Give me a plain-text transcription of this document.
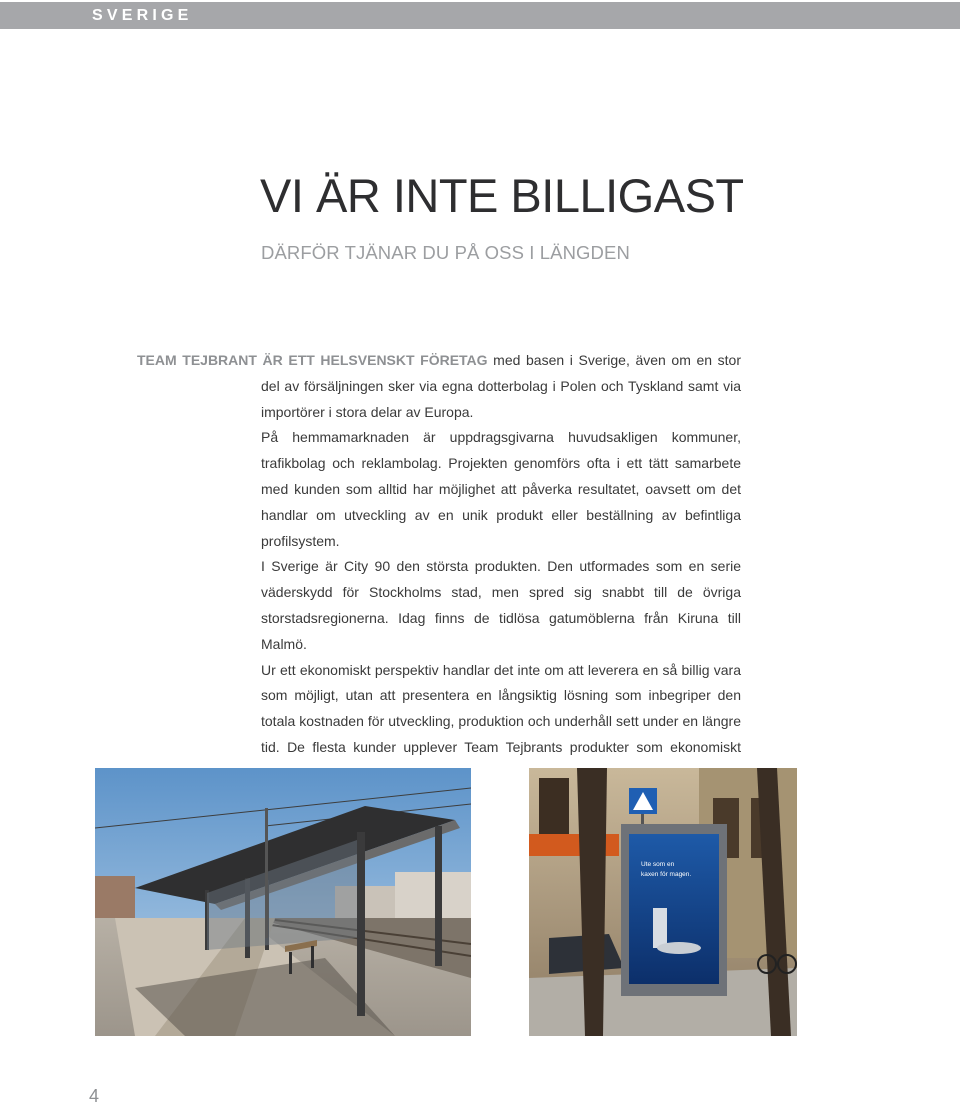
SVERIGE
VI ÄR INTE BILLIGAST
DÄRFÖR TJÄNAR DU PÅ OSS I LÄNGDEN

TEAM TEJBRANT ÄR ETT HELSVENSKT FÖRETAG med basen i Sverige, även om en stor del av försäljningen sker via egna dotterbolag i Polen och Tyskland samt via importörer i stora delar av Europa.

På hemmamarknaden är uppdragsgivarna huvudsakligen kommuner, trafikbolag och reklambolag. Projekten genomförs ofta i ett tätt samarbete med kunden som alltid har möjlighet att påverka resultatet, oavsett om det handlar om utveckling av en unik produkt eller beställning av befintliga profilsystem.

I Sverige är City 90 den största produkten. Den utformades som en serie väderskydd för Stockholms stad, men spred sig snabbt till de övriga storstadsregionerna. Idag finns de tidlösa gatumöblerna från Kiruna till Malmö.

Ur ett ekonomiskt perspektiv handlar det inte om att leverera en så billig vara som möjligt, utan att presentera en långsiktig lösning som inbegriper den totala kostnaden för utveckling, produktion och underhåll sett under en längre tid. De flesta kunder upplever Team Tejbrants produkter som ekonomiskt

Ute som en
kaxen för magen.
4
